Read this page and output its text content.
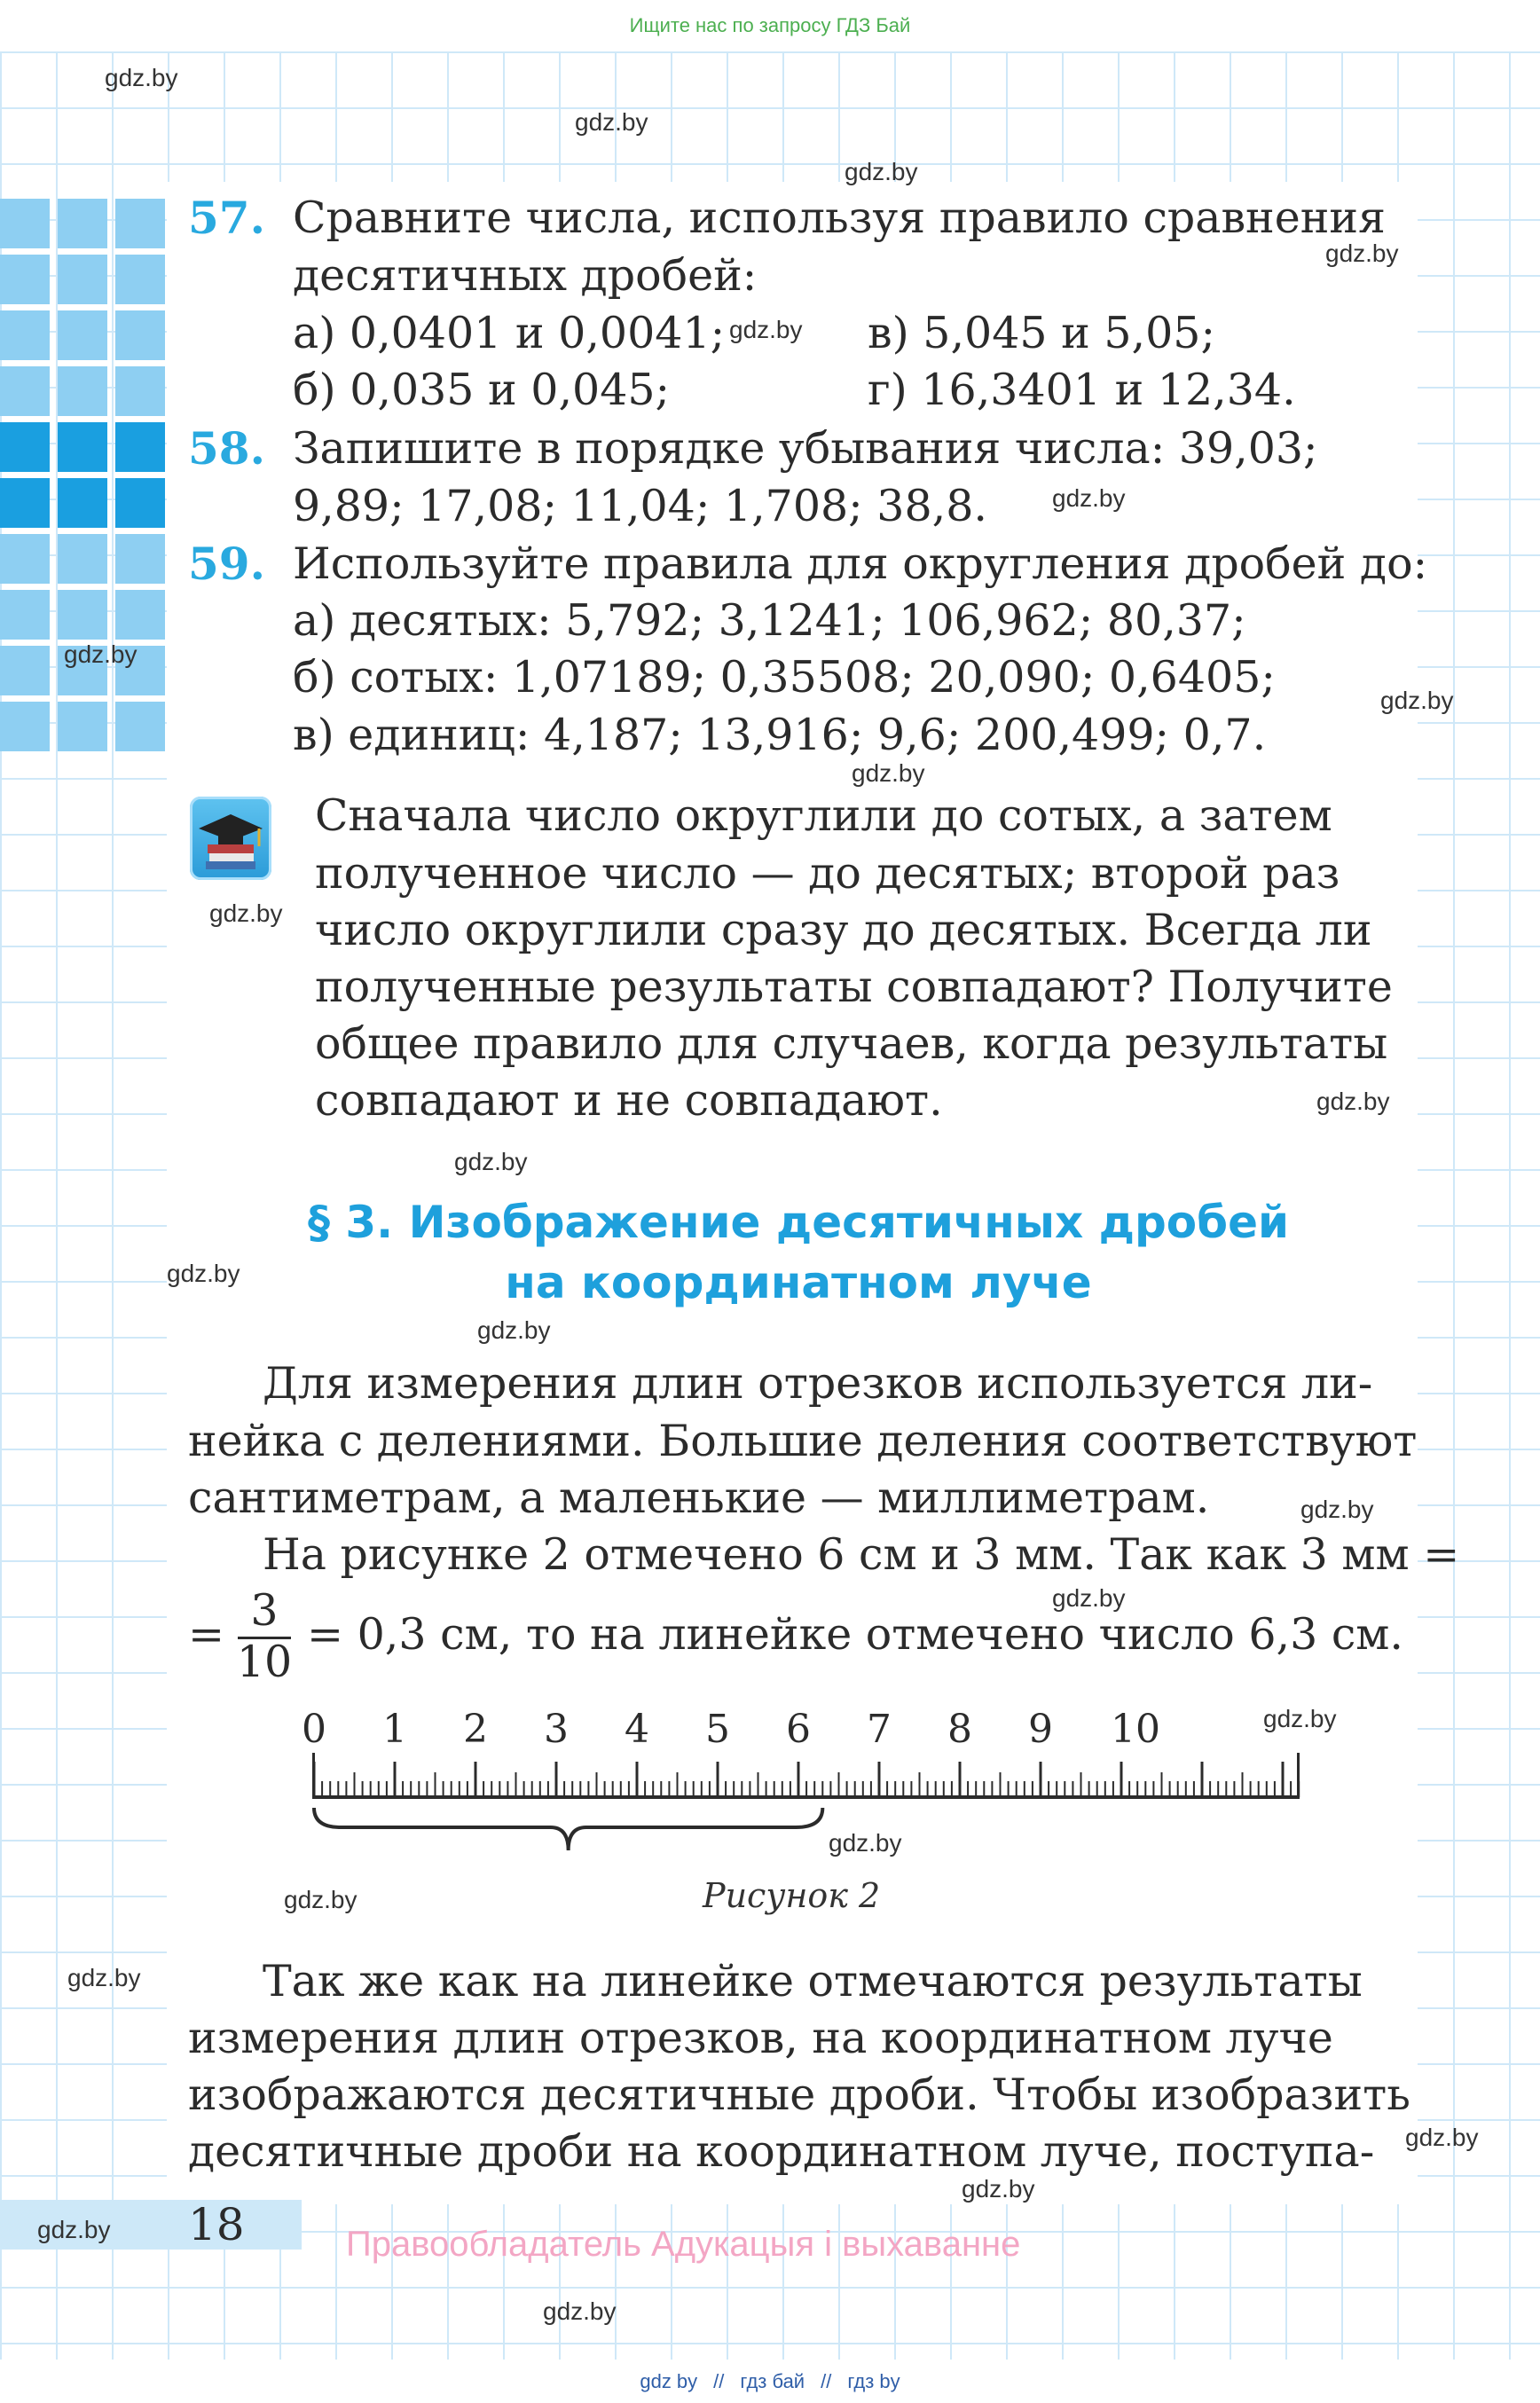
Ищите нас по запросу ГДЗ Бай
57. Сравните числа, используя правило сравнения
десятичных дробей:
а) 0,0401 и 0,0041;	в) 5,045 и 5,05;
б) 0,035 и 0,045;	г) 16,3401 и 12,34.
58. Запишите в порядке убывания числа: 39,03;
9,89; 17,08; 11,04; 1,708; 38,8.
59. Используйте правила для округления дробей до:
а) десятых: 5,792; 3,1241; 106,962; 80,37;
б) сотых: 1,07189; 0,35508; 20,090; 0,6405;
в) единиц: 4,187; 13,916; 9,6; 200,499; 0,7.
Сначала число округлили до сотых, а затем
полученное число — до десятых; второй раз
число округлили сразу до десятых. Всегда ли
полученные результаты совпадают? Получите
общее правило для случаев, когда результаты
совпадают и не совпадают.
§ 3. Изображение десятичных дробей
на координатном луче
Для измерения длин отрезков используется ли-
нейка с делениями. Большие деления соответствуют
сантиметрам, а маленькие — миллиметрам.
На рисунке 2 отмечено 6 см и 3 мм. Так как 3 мм =
= 3
10
= 0,3 см, то на линейке отмечено число 6,3 см.
0 1 2 3 4 5 6 7 8 9 10
Рисунок 2
Так же как на линейке отмечаются результаты
измерения длин отрезков, на координатном луче
изображаются десятичные дроби. Чтобы изобразить
десятичные дроби на координатном луче, поступа-
18	Правообладатель Адукацыя і выхаванне
gdz.by
gdz.by
gdz.by
gdz.by
gdz.by
gdz.by
gdz.by
gdz.by
gdz.by
gdz.by
gdz.by
gdz.by
gdz.by
gdz.by
gdz.by
gdz.by
gdz.by
gdz.by
gdz.by
gdz.by
gdz.by
gdz.by
gdz.by
gdz.by
gdz by // гдз бай // гдз by
